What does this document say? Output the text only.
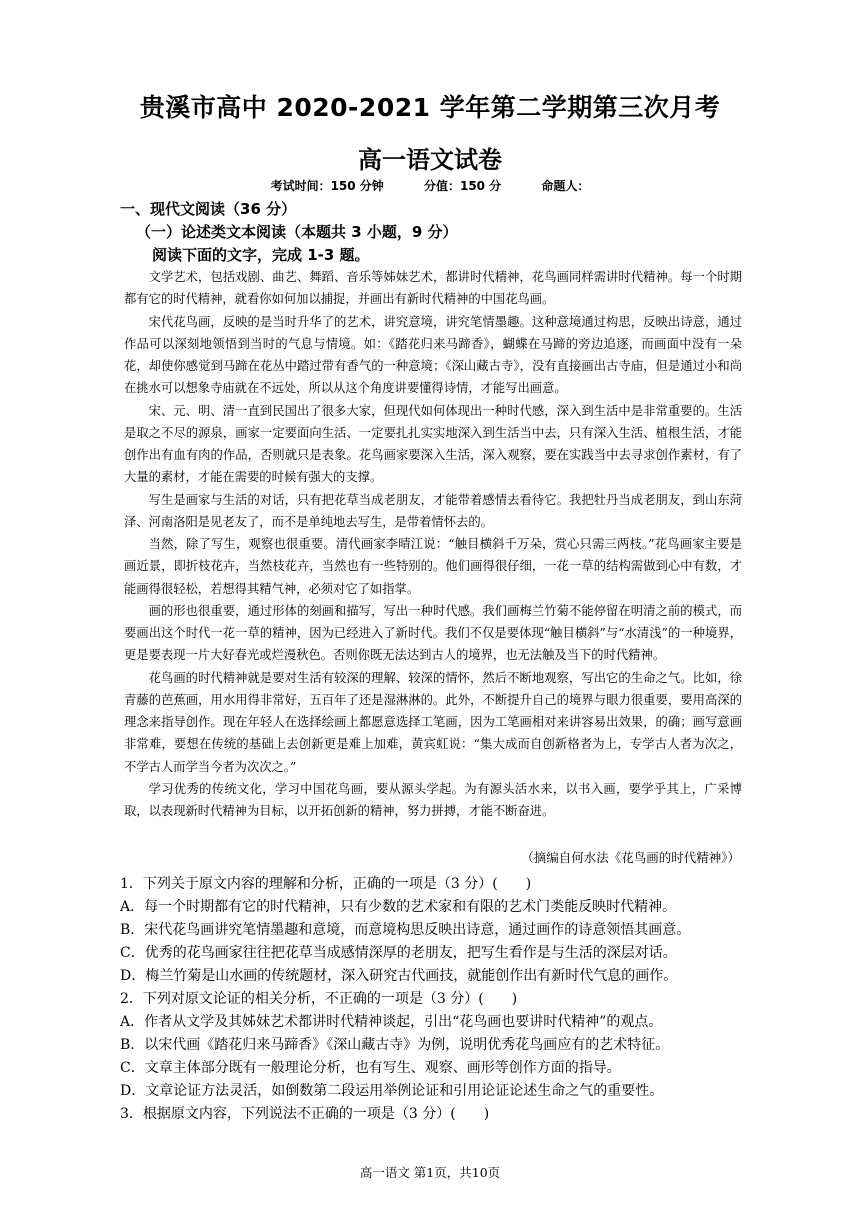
贵溪市高中 2020-2021 学年第二学期第三次月考
高一语文试卷
考试时间：150 分钟	分值：150 分	命题人：
一、现代文阅读（36 分）
（一）论述类文本阅读（本题共 3 小题，9 分）
阅读下面的文字，完成 1-3 题。

文学艺术，包括戏剧、曲艺、舞蹈、音乐等姊妹艺术，都讲时代精神，花鸟画同样需讲时代精神。每一个时期都有它的时代精神，就看你如何加以捕捉，并画出有新时代精神的中国花鸟画。

宋代花鸟画，反映的是当时升华了的艺术，讲究意境，讲究笔情墨趣。这种意境通过构思，反映出诗意，通过作品可以深刻地领悟到当时的气息与情境。如：《踏花归来马蹄香》，蝴蝶在马蹄的旁边追逐，而画面中没有一朵花，却使你感觉到马蹄在花丛中踏过带有香气的一种意境；《深山藏古寺》，没有直接画出古寺庙，但是通过小和尚在挑水可以想象寺庙就在不远处，所以从这个角度讲要懂得诗情，才能写出画意。

宋、元、明、清一直到民国出了很多大家，但现代如何体现出一种时代感，深入到生活中是非常重要的。生活是取之不尽的源泉，画家一定要面向生活、一定要扎扎实实地深入到生活当中去，只有深入生活、植根生活，才能创作出有血有肉的作品，否则就只是表象。花鸟画家要深入生活，深入观察，要在实践当中去寻求创作素材，有了大量的素材，才能在需要的时候有强大的支撑。

写生是画家与生活的对话，只有把花草当成老朋友，才能带着感情去看待它。我把牡丹当成老朋友，到山东菏泽、河南洛阳是见老友了，而不是单纯地去写生，是带着情怀去的。

当然，除了写生，观察也很重要。清代画家李晴江说：“触目横斜千万朵，赏心只需三两枝。”花鸟画家主要是画近景，即折枝花卉，当然枝花卉，当然也有一些特别的。他们画得很仔细，一花一草的结构需做到心中有数，才能画得很轻松，若想得其精气神，必须对它了如指掌。

画的形也很重要，通过形体的刻画和描写，写出一种时代感。我们画梅兰竹菊不能停留在明清之前的模式，而要画出这个时代一花一草的精神，因为已经进入了新时代。我们不仅是要体现“触目横斜”与“水清浅”的一种境界，更是要表现一片大好春光或烂漫秋色。否则你既无法达到古人的境界，也无法触及当下的时代精神。

花鸟画的时代精神就是要对生活有较深的理解、较深的情怀，然后不断地观察，写出它的生命之气。比如，徐青藤的芭蕉画，用水用得非常好，五百年了还是湿淋淋的。此外，不断提升自己的境界与眼力很重要，要用高深的理念来指导创作。现在年轻人在选择绘画上都愿意选择工笔画，因为工笔画相对来讲容易出效果，的确；画写意画非常难，要想在传统的基础上去创新更是难上加难，黄宾虹说：“集大成而自创新格者为上，专学古人者为次之，不学古人而学当今者为次次之。”

学习优秀的传统文化，学习中国花鸟画，要从源头学起。为有源头活水来，以书入画，要学乎其上，广采博取，以表现新时代精神为目标，以开拓创新的精神，努力拼搏，才能不断奋进。

（摘编自何水法《花鸟画的时代精神》）
1．下列关于原文内容的理解和分析，正确的一项是（3 分）(　　)
A．每一个时期都有它的时代精神，只有少数的艺术家和有限的艺术门类能反映时代精神。
B．宋代花鸟画讲究笔情墨趣和意境，而意境构思反映出诗意，通过画作的诗意领悟其画意。
C．优秀的花鸟画家往往把花草当成感情深厚的老朋友，把写生看作是与生活的深层对话。
D．梅兰竹菊是山水画的传统题材，深入研究古代画技，就能创作出有新时代气息的画作。
2．下列对原文论证的相关分析，不正确的一项是（3 分）(　　)
A．作者从文学及其姊妹艺术都讲时代精神谈起，引出“花鸟画也要讲时代精神”的观点。
B．以宋代画《踏花归来马蹄香》《深山藏古寺》为例，说明优秀花鸟画应有的艺术特征。
C．文章主体部分既有一般理论分析，也有写生、观察、画形等创作方面的指导。
D．文章论证方法灵活，如倒数第二段运用举例论证和引用论证论述生命之气的重要性。
3．根据原文内容，下列说法不正确的一项是（3 分）(　　)
高一语文 第1页，共10页
